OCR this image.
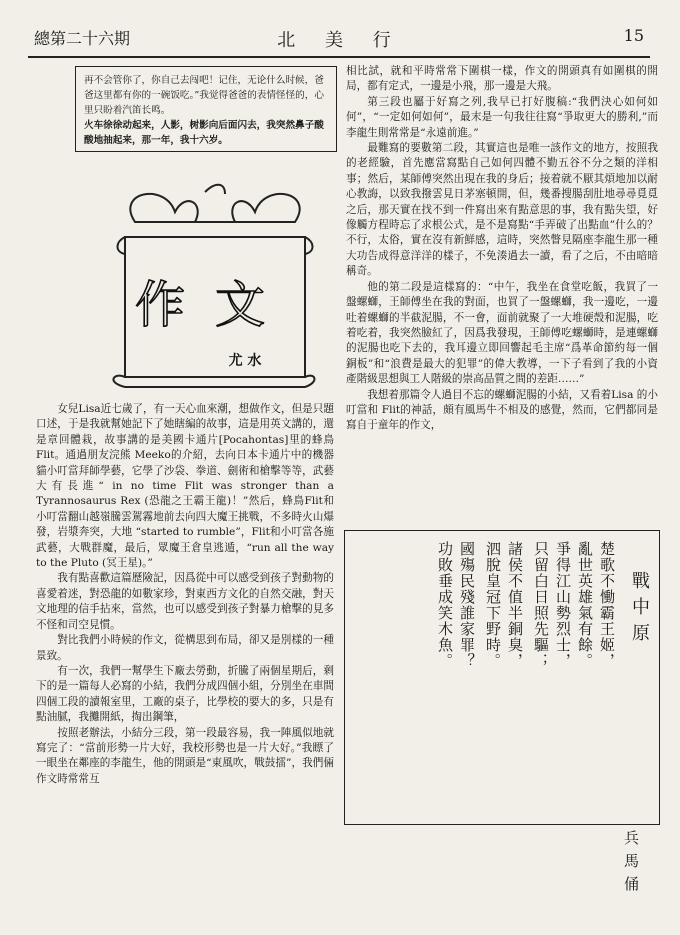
總第二十六期	北 美 行	15

再不会管你了，你自己去闯吧！记住，无论什么时候，爸爸这里都有你的一碗饭吃。”我觉得爸爸的表情怪怪的，心里只盼着汽笛长鸣。

火车徐徐动起来，人影，树影向后面闪去，我突然鼻子酸酸地抽起来，那一年，我十六岁。

作文
尤 水

女兒Lisa近七歲了，有一天心血來潮，想做作文，但是只題口述，于是我就幫她記下了她瞎編的故事，這是用英文講的，還是章回體栽，故事講的是美國卡通片[Pocahontas]里的蜂鳥 Flit。通過朋友浣熊 Meeko的介紹，去向日本卡通片中的機器貓小叮當拜師學藝，它學了沙袋、拳道、劍術和槍擊等等，武藝大有長進“ in no time Flit was stronger than a Tyrannosaurus Rex (恐龍之王霸王龍)！”然后，蜂鳥Flit和小叮當翻山越嶺騰雲駕霧地前去向四大魔王挑戰，不多時火山爆發，岩漿奔突，大地 “started to rumble”，Flit和小叮當各施武藝，大戰群魔，最后，眾魔王倉皇逃遁，“run all the way to the Pluto (冥王星)。”

我有點喜歡這篇歷險記，因爲從中可以感受到孩子對動物的喜愛着迷，對恐龍的如數家珍，對東西方文化的自然交融，對天文地理的信手拈來，當然，也可以感受到孩子對暴力槍擊的見多不怪和司空見慣。

對比我們小時候的作文，從構思到布局，卻又是別樣的一種景致。

有一次，我們一幫學生下廠去勞動，折騰了兩個星期后，剩下的是一篇每人必寫的小結，我們分成四個小組，分別坐在車間四個工段的讀報室里，工廠的桌子，比學校的要大的多，只是有點油膩，我攤開紙，掏出鋼筆，

按照老辦法，小結分三段，第一段最容易，我一陣風似地就寫完了：“當前形勢一片大好，我校形勢也是一片大好。”我瞟了一眼坐在鄰座的李龍生，他的開頭是“東風吹，戰鼓擂”，我們倆作文時常常互

相比試，就和平時常常下圍棋一樣，作文的開頭真有如圍棋的開局，都有定式，一邊是小飛，那一邊是大飛。

第三段也屬于好寫之列,我早已打好腹稿:“我們決心如何如何”，“一定如何如何”，最末是一句我往往寫“爭取更大的勝利,”而李龍生則常常是“永遠前進。”

最難寫的要數第二段，其實這也是唯一該作文的地方，按照我的老經驗，首先應當寫點自己如何四體不勤五谷不分之類的洋相事；然后，某師傅突然出現在我的身后；接着就不厭其煩地加以耐心教誨，以致我撥雲見日茅塞頓開，但，幾番搜腸刮肚地尋尋覓覓之后，那天實在找不到一件寫出來有點意思的事，我有點失望，好像觸方程時忘了求根公式，是不是寫點“手弄破了出點血”什么的？不行，太俗，實在沒有新鮮感，這時，突然瞥見隔座李龍生那一種大功告成得意洋洋的樣子，不免湊過去一讀，看了之后，不由暗暗稱奇。

他的第二段是這樣寫的：“中午，我坐在食堂吃飯，我買了一盤螺螄，王師傅坐在我的對面，也買了一盤螺螄，我一邊吃，一邊吐着螺螄的半截泥腸，不一會，面前就聚了一大堆硬殼和泥腸，吃着吃着，我突然臉紅了，因爲我發現，王師傅吃螺螄時，是連螺螄的泥腸也吃下去的，我耳邊立即回響起毛主席“爲革命節約每一個銅板”和“浪費是最大的犯罪”的偉大教導，一下子看到了我的小資產階級思想與工人階級的崇高品質之間的差距……”

我想着那篇令人過目不忘的螺螄泥腸的小結，又看着Lisa 的小叮當和 Flit的神話，頗有風馬牛不相及的感覺，然而，它們都同是寫自于童年的作文，

戰中原
楚歌不慟霸王姬，
亂世英雄氣有餘。
爭得江山勢烈士，
只留白日照先驅；
諸侯不值半銅臭，
泗脫皇冠下野時。
國殤民殘誰家罪？
功敗垂成笑木魚。
兵馬俑
